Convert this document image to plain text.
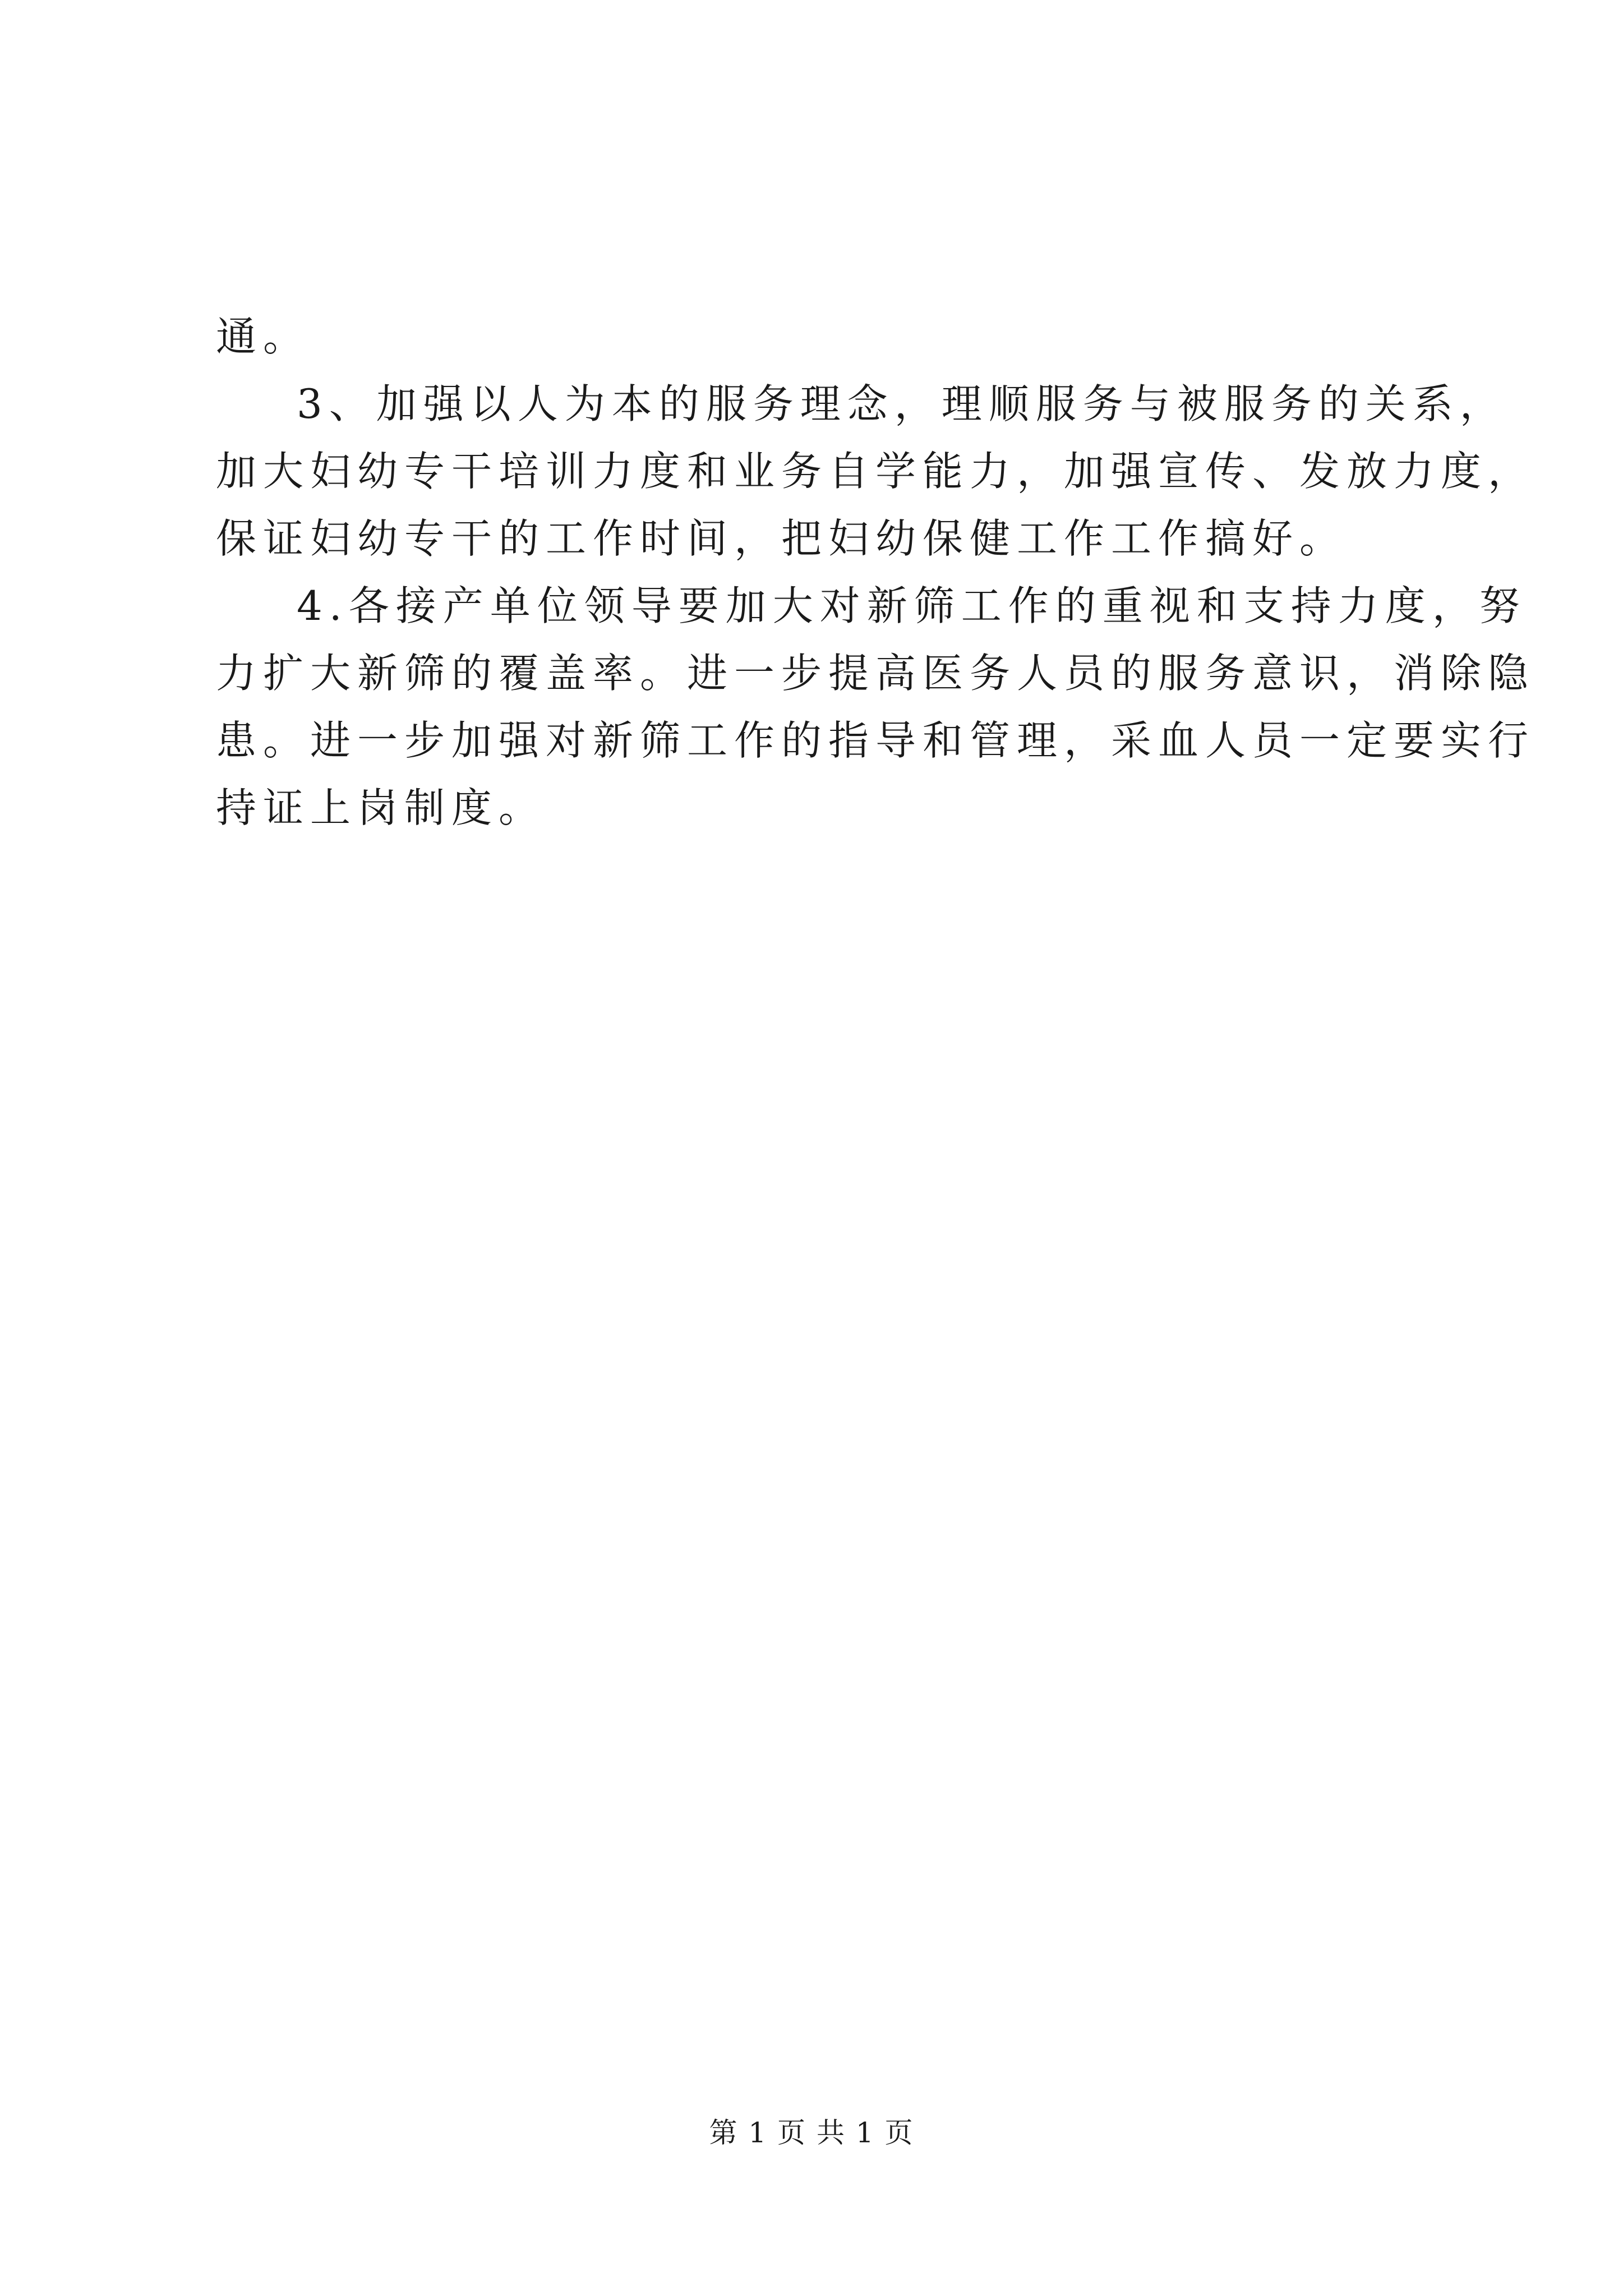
通。

3、加强以人为本的服务理念，理顺服务与被服务的关系，

加大妇幼专干培训力度和业务自学能力，加强宣传、发放力度，

保证妇幼专干的工作时间，把妇幼保健工作工作搞好。

4.各接产单位领导要加大对新筛工作的重视和支持力度，努

力扩大新筛的覆盖率。进一步提高医务人员的服务意识，消除隐

患。进一步加强对新筛工作的指导和管理，采血人员一定要实行

持证上岗制度。

第 1 页 共 1 页
